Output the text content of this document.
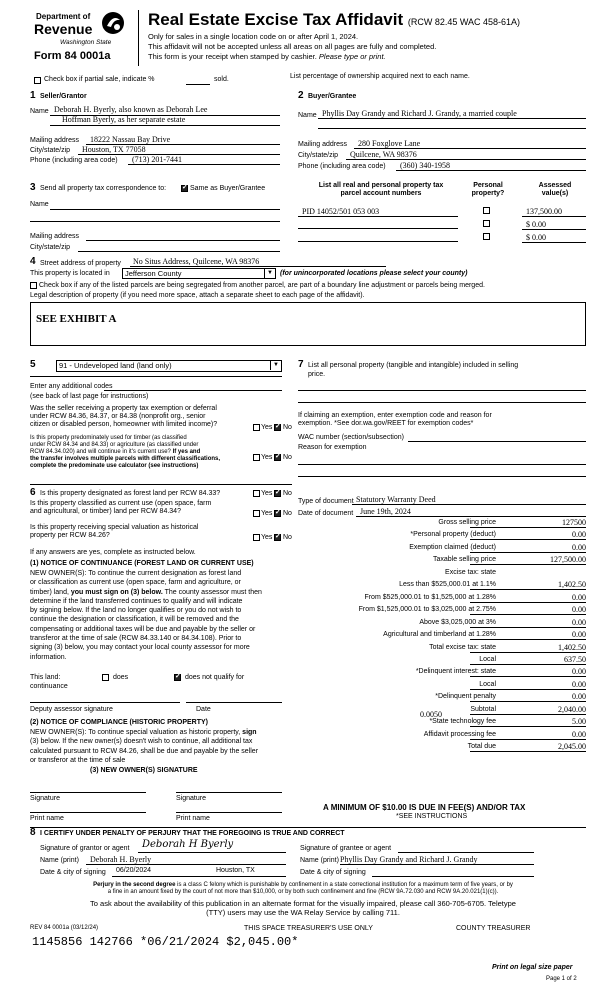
Department of
Revenue
Washington State
Form 84 0001a
Real Estate Excise Tax Affidavit (RCW 82.45 WAC 458-61A)
Only for sales in a single location code on or after April 1, 2024.
This affidavit will not be accepted unless all areas on all pages are fully and completed.
This form is your receipt when stamped by cashier. Please type or print.
Check box if partial sale, indicate %	sold.	List percentage of ownership acquired next to each name.
1 Seller/Grantor
Name Deborah H. Byerly, also known as Deborah Lee
Hoffman Byerly, as her separate estate
Mailing address 18222 Nassau Bay Drive
City/state/zip Houston, TX 77058
Phone (including area code) (713) 201-7441
2 Buyer/Grantee
Name Phyllis Day Grandy and Richard J. Grandy, a married couple
Mailing address 280 Foxglove Lane
City/state/zip Quilcene, WA 98376
Phone (including area code) (360) 340-1958
3 Send all property tax correspondence to: ✓	Same as Buyer/Grantee
Name
Mailing address
City/state/zip
List all real and personal property tax
parcel account numbers
Personal
property?
Assessed
value(s)
PID 14052/501 053 003	137,500.00
$ 0.00
$ 0.00
4 Street address of property No Situs Address, Quilcene, WA 98376
This property is located in	Jefferson County	▼ (for unincorporated locations please select your county)
Check box if any of the listed parcels are being segregated from another parcel, are part of a boundary line adjustment or parcels being merged.
Legal description of property (if you need more space, attach a separate sheet to each page of the affidavit).
SEE EXHIBIT A
5	91 - Undeveloped land (land only)	▼
Enter any additional codes
(see back of last page for instructions)
Was the seller receiving a property tax exemption or deferral
under RCW 84.36, 84.37, or 84.38 (nonprofit org., senior
citizen or disabled person, homeowner with limited income)?	Yes ✓ No
Is this property predominately used for timber (as classified
under RCW 84.34 and 84.33) or agriculture (as classified under
RCW 84.34.020) and will continue in it's current use? If yes and
the transfer involves multiple parcels with different classifications,
complete the predominate use calculator (see instructions)
Yes ✓ No
6 Is this property designated as forest land per RCW 84.33?	Yes ✓ No
Is this property classified as current use (open space, farm
and agricultural, or timber) land per RCW 84.34?	Yes ✓ No
Is this property receiving special valuation as historical
property per RCW 84.26?	Yes ✓ No
If any answers are yes, complete as instructed below.
(1) NOTICE OF CONTINUANCE (FOREST LAND OR CURRENT USE)
NEW OWNER(S): To continue the current designation as forest land
or classification as current use (open space, farm and agriculture, or
timber) land, you must sign on (3) below. The county assessor must then
determine if the land transferred continues to qualify and will indicate
by signing below. If the land no longer qualifies or you do not wish to
continue the designation or classification, it will be removed and the
compensating or additional taxes will be due and payable by the seller or
transferor at the time of sale (RCW 84.33.140 or 84.34.108). Prior to
signing (3) below, you may contact your local county assessor for more
information.
This land:
continuance
does ✓	does not qualify for
Deputy assessor signature	Date
(2) NOTICE OF COMPLIANCE (HISTORIC PROPERTY)
NEW OWNER(S): To continue special valuation as historic property, sign
(3) below. If the new owner(s) doesn't wish to continue, all additional tax
calculated pursuant to RCW 84.26, shall be due and payable by the seller
or transferor at the time of sale
(3) NEW OWNER(S) SIGNATURE
Signature	Signature
Print name	Print name
7 List all personal property (tangible and intangible) included in selling
price.
If claiming an exemption, enter exemption code and reason for
exemption. *See dor.wa.gov/REET for exemption codes*
WAC number (section/subsection)
Reason for exemption
Type of document Statutory Warranty Deed
Date of document June 19th, 2024
Gross selling price	127500
*Personal property (deduct)	0.00
Exemption claimed (deduct)	0.00
Taxable selling price	127,500.00
Excise tax: state
Less than $525,000.01 at 1.1%	1,402.50
From $525,000.01 to $1,525,000 at 1.28%	0.00
From $1,525,000.01 to $3,025,000 at 2.75%	0.00
Above $3,025,000 at 3%	0.00
Agricultural and timberland at 1.28%	0.00
Total excise tax: state	1,402.50
Local	637.50
*Delinquent interest: state	0.00
Local	0.00
*Delinquent penalty	0.00
Subtotal	2,040.00
*State technology fee	5.00
Affidavit processing fee	0.00
Total due	2,045.00
0.0050
A MINIMUM OF $10.00 IS DUE IN FEE(S) AND/OR TAX
*SEE INSTRUCTIONS
8 I CERTIFY UNDER PENALTY OF PERJURY THAT THE FOREGOING IS TRUE AND CORRECT
Signature of grantor or agent Deborah H Byerly
Name (print) Deborah H. Byerly
Date & city of signing 06/20/2024	Houston, TX
Signature of grantee or agent
Name (print) Phyllis Day Grandy and Richard J. Grandy
Date & city of signing
Perjury in the second degree is a class C felony which is punishable by confinement in a state correctional institution for a maximum term of five years, or by
a fine in an amount fixed by the court of not more than $10,000, or by both such confinement and fine (RCW 9A.72.030 and RCW 9A.20.021(1)(c)).
To ask about the availability of this publication in an alternate format for the visually impaired, please call 360-705-6705. Teletype
(TTY) users may use the WA Relay Service by calling 711.
REV 84 0001a (03/12/24)	THIS SPACE TREASURER'S USE ONLY	COUNTY TREASURER
1145856 142766 *06/21/2024 $2,045.00*
Print on legal size paper
Page 1 of 2
